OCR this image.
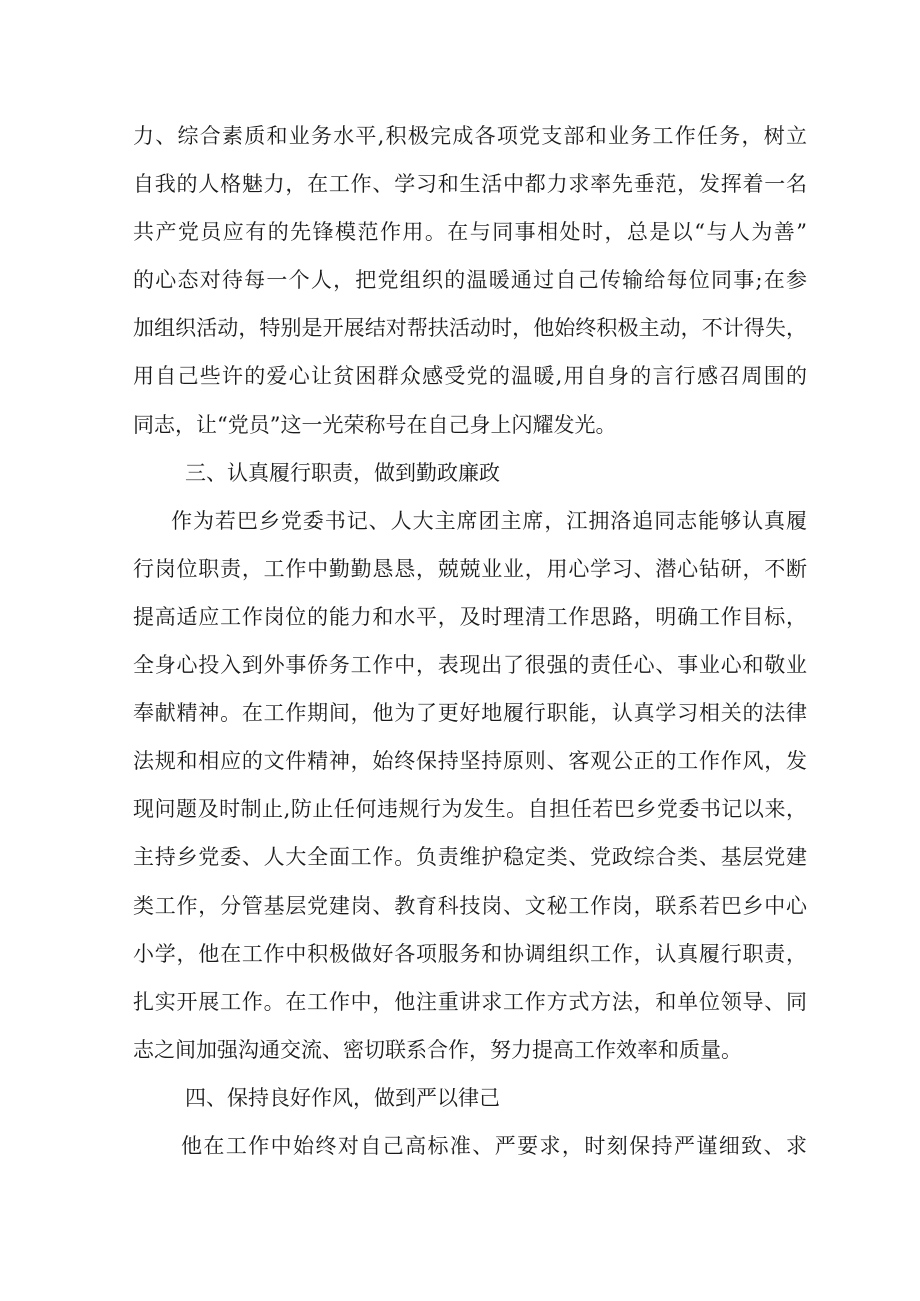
力、综合素质和业务水平,积极完成各项党支部和业务工作任务，树立
自我的人格魅力，在工作、学习和生活中都力求率先垂范，发挥着一名
共产党员应有的先锋模范作用。在与同事相处时，总是以“与人为善”
的心态对待每一个人，把党组织的温暖通过自己传输给每位同事;在参
加组织活动，特别是开展结对帮扶活动时，他始终积极主动，不计得失，
用自己些许的爱心让贫困群众感受党的温暖,用自身的言行感召周围的
同志，让“党员”这一光荣称号在自己身上闪耀发光。
三、认真履行职责，做到勤政廉政
作为若巴乡党委书记、人大主席团主席，江拥洛追同志能够认真履
行岗位职责，工作中勤勤恳恳，兢兢业业，用心学习、潜心钻研，不断
提高适应工作岗位的能力和水平，及时理清工作思路，明确工作目标，
全身心投入到外事侨务工作中，表现出了很强的责任心、事业心和敬业
奉献精神。在工作期间，他为了更好地履行职能，认真学习相关的法律
法规和相应的文件精神，始终保持坚持原则、客观公正的工作作风，发
现问题及时制止,防止任何违规行为发生。自担任若巴乡党委书记以来，
主持乡党委、人大全面工作。负责维护稳定类、党政综合类、基层党建
类工作，分管基层党建岗、教育科技岗、文秘工作岗，联系若巴乡中心
小学，他在工作中积极做好各项服务和协调组织工作，认真履行职责，
扎实开展工作。在工作中，他注重讲求工作方式方法，和单位领导、同
志之间加强沟通交流、密切联系合作，努力提高工作效率和质量。
四、保持良好作风，做到严以律己
他在工作中始终对自己高标准、严要求，时刻保持严谨细致、求
